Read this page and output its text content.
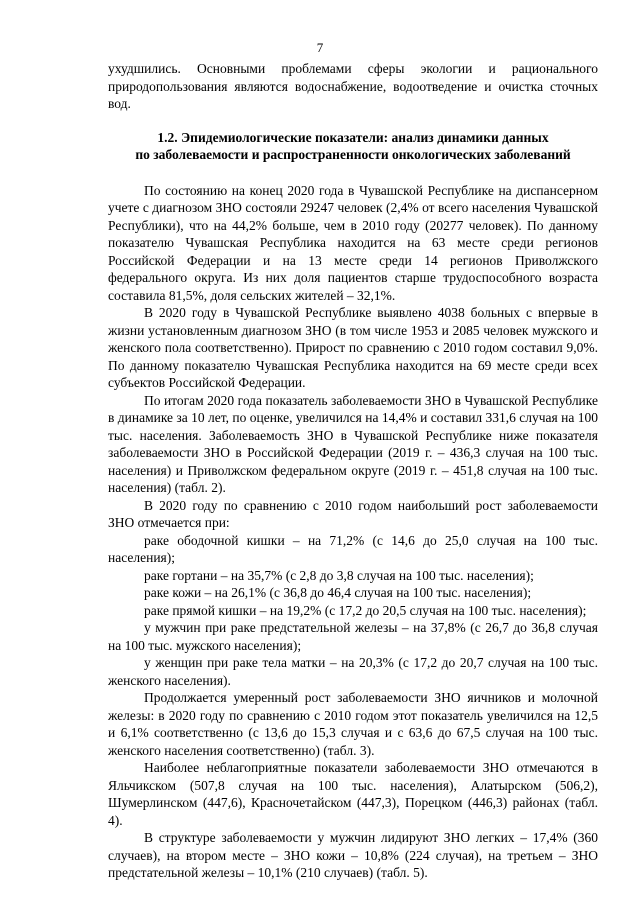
7

ухудшились. Основными проблемами сферы экологии и рационального природопользования являются водоснабжение, водоотведение и очистка сточных вод.

1.2. Эпидемиологические показатели: анализ динамики данных
по заболеваемости и распространенности онкологических заболеваний

По состоянию на конец 2020 года в Чувашской Республике на диспансерном учете с диагнозом ЗНО состояли 29247 человек (2,4% от всего населения Чувашской Республики), что на 44,2% больше, чем в 2010 году (20277 человек). По данному показателю Чувашская Республика находится на 63 месте среди регионов Российской Федерации и на 13 месте среди 14 регионов Приволжского федерального округа. Из них доля пациентов старше трудоспособного возраста составила 81,5%, доля сельских жителей – 32,1%.

В 2020 году в Чувашской Республике выявлено 4038 больных с впервые в жизни установленным диагнозом ЗНО (в том числе 1953 и 2085 человек мужского и женского пола соответственно). Прирост по сравнению с 2010 годом составил 9,0%. По данному показателю Чувашская Республика находится на 69 месте среди всех субъектов Российской Федерации.

По итогам 2020 года показатель заболеваемости ЗНО в Чувашской Республике в динамике за 10 лет, по оценке, увеличился на 14,4% и составил 331,6 случая на 100 тыс. населения. Заболеваемость ЗНО в Чувашской Республике ниже показателя заболеваемости ЗНО в Российской Федерации (2019 г. – 436,3 случая на 100 тыс. населения) и Приволжском федеральном округе (2019 г. – 451,8 случая на 100 тыс. населения) (табл. 2).

В 2020 году по сравнению с 2010 годом наибольший рост заболеваемости ЗНО отмечается при:

раке ободочной кишки – на 71,2% (с 14,6 до 25,0 случая на 100 тыс. населения);

раке гортани – на 35,7% (с 2,8 до 3,8 случая на 100 тыс. населения);

раке кожи – на 26,1% (с 36,8 до 46,4 случая на 100 тыс. населения);

раке прямой кишки – на 19,2% (с 17,2 до 20,5 случая на 100 тыс. населения);

у мужчин при раке предстательной железы – на 37,8% (с 26,7 до 36,8 случая на 100 тыс. мужского населения);

у женщин при раке тела матки – на 20,3% (с 17,2 до 20,7 случая на 100 тыс. женского населения).

Продолжается умеренный рост заболеваемости ЗНО яичников и молочной железы: в 2020 году по сравнению с 2010 годом этот показатель увеличился на 12,5 и 6,1% соответственно (с 13,6 до 15,3 случая и с 63,6 до 67,5 случая на 100 тыс. женского населения соответственно) (табл. 3).

Наиболее неблагоприятные показатели заболеваемости ЗНО отмечаются в Яльчикском (507,8 случая на 100 тыс. населения), Алатырском (506,2), Шумерлинском (447,6), Красночетайском (447,3), Порецком (446,3) районах (табл. 4).

В структуре заболеваемости у мужчин лидируют ЗНО легких – 17,4% (360 случаев), на втором месте – ЗНО кожи – 10,8% (224 случая), на третьем – ЗНО предстательной железы – 10,1% (210 случаев) (табл. 5).
